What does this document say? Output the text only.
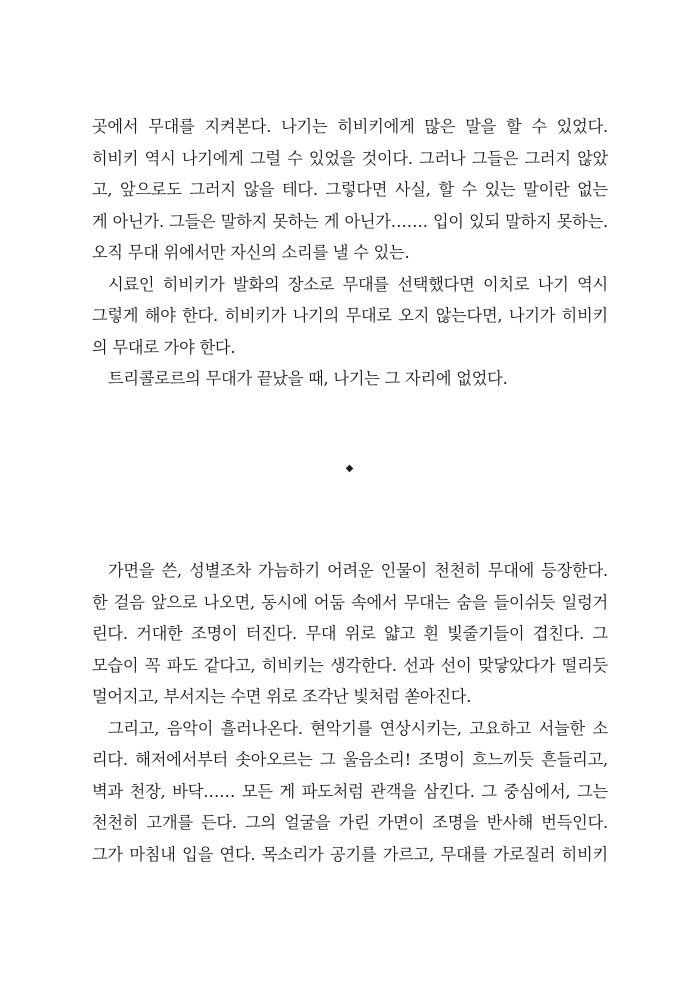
곳에서 무대를 지켜본다. 나기는 히비키에게 많은 말을 할 수 있었다.
히비키 역시 나기에게 그럴 수 있었을 것이다. 그러나 그들은 그러지 않았
고, 앞으로도 그러지 않을 테다. 그렇다면 사실, 할 수 있는 말이란 없는
게 아닌가. 그들은 말하지 못하는 게 아닌가……. 입이 있되 말하지 못하는.
오직 무대 위에서만 자신의 소리를 낼 수 있는.
시료인 히비키가 발화의 장소로 무대를 선택했다면 이치로 나기 역시
그렇게 해야 한다. 히비키가 나기의 무대로 오지 않는다면, 나기가 히비키
의 무대로 가야 한다.
트리콜로르의 무대가 끝났을 때, 나기는 그 자리에 없었다.
◆
가면을 쓴, 성별조차 가늠하기 어려운 인물이 천천히 무대에 등장한다.
한 걸음 앞으로 나오면, 동시에 어둠 속에서 무대는 숨을 들이쉬듯 일렁거
린다. 거대한 조명이 터진다. 무대 위로 얇고 흰 빛줄기들이 겹친다. 그
모습이 꼭 파도 같다고, 히비키는 생각한다. 선과 선이 맞닿았다가 떨리듯
멀어지고, 부서지는 수면 위로 조각난 빛처럼 쏟아진다.
그리고, 음악이 흘러나온다. 현악기를 연상시키는, 고요하고 서늘한 소
리다. 해저에서부터 솟아오르는 그 울음소리! 조명이 흐느끼듯 흔들리고,
벽과 천장, 바닥…… 모든 게 파도처럼 관객을 삼킨다. 그 중심에서, 그는
천천히 고개를 든다. 그의 얼굴을 가린 가면이 조명을 반사해 번득인다.
그가 마침내 입을 연다. 목소리가 공기를 가르고, 무대를 가로질러 히비키
